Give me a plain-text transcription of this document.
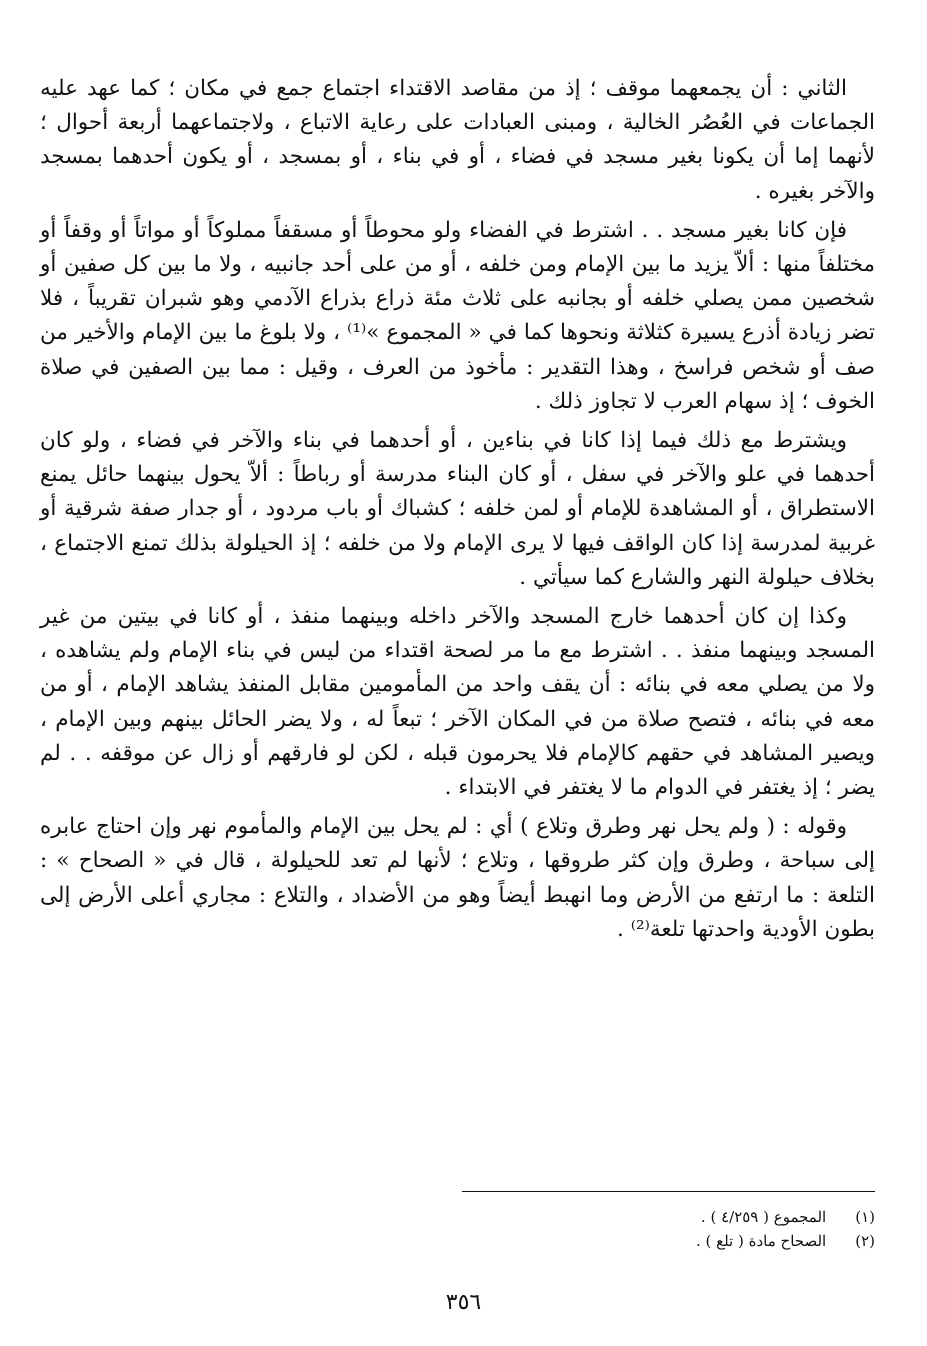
الثاني : أن يجمعهما موقف ؛ إذ من مقاصد الاقتداء اجتماع جمع في مكان ؛ كما عهد عليه الجماعات في العُصُر الخالية ، ومبنى العبادات على رعاية الاتباع ، ولاجتماعهما أربعة أحوال ؛ لأنهما إما أن يكونا بغير مسجد في فضاء ، أو في بناء ، أو بمسجد ، أو يكون أحدهما بمسجد والآخر بغيره .

فإن كانا بغير مسجد . . اشترط في الفضاء ولو محوطاً أو مسقفاً مملوكاً أو مواتاً أو وقفاً أو مختلفاً منها : ألاّ يزيد ما بين الإمام ومن خلفه ، أو من على أحد جانبيه ، ولا ما بين كل صفين أو شخصين ممن يصلي خلفه أو بجانبه على ثلاث مئة ذراع بذراع الآدمي وهو شبران تقريباً ، فلا تضر زيادة أذرع يسيرة كثلاثة ونحوها كما في « المجموع »⁽¹⁾ ، ولا بلوغ ما بين الإمام والأخير من صف أو شخص فراسخ ، وهذا التقدير : مأخوذ من العرف ، وقيل : مما بين الصفين في صلاة الخوف ؛ إذ سهام العرب لا تجاوز ذلك .

ويشترط مع ذلك فيما إذا كانا في بناءين ، أو أحدهما في بناء والآخر في فضاء ، ولو كان أحدهما في علو والآخر في سفل ، أو كان البناء مدرسة أو رباطاً : ألاّ يحول بينهما حائل يمنع الاستطراق ، أو المشاهدة للإمام أو لمن خلفه ؛ كشباك أو باب مردود ، أو جدار صفة شرقية أو غربية لمدرسة إذا كان الواقف فيها لا يرى الإمام ولا من خلفه ؛ إذ الحيلولة بذلك تمنع الاجتماع ، بخلاف حيلولة النهر والشارع كما سيأتي .

وكذا إن كان أحدهما خارج المسجد والآخر داخله وبينهما منفذ ، أو كانا في بيتين من غير المسجد وبينهما منفذ . . اشترط مع ما مر لصحة اقتداء من ليس في بناء الإمام ولم يشاهده ، ولا من يصلي معه في بنائه : أن يقف واحد من المأمومين مقابل المنفذ يشاهد الإمام ، أو من معه في بنائه ، فتصح صلاة من في المكان الآخر ؛ تبعاً له ، ولا يضر الحائل بينهم وبين الإمام ، ويصير المشاهد في حقهم كالإمام فلا يحرمون قبله ، لكن لو فارقهم أو زال عن موقفه . . لم يضر ؛ إذ يغتفر في الدوام ما لا يغتفر في الابتداء .

وقوله : ( ولم يحل نهر وطرق وتلاع ) أي : لم يحل بين الإمام والمأموم نهر وإن احتاج عابره إلى سباحة ، وطرق وإن كثر طروقها ، وتلاع ؛ لأنها لم تعد للحيلولة ، قال في « الصحاح » : التلعة : ما ارتفع من الأرض وما انهبط أيضاً وهو من الأضداد ، والتلاع : مجاري أعلى الأرض إلى بطون الأودية واحدتها تلعة⁽²⁾ .

(١) المجموع ( ٤/٢٥٩ ) .

(٢) الصحاح مادة ( تلع ) .

٣٥٦
